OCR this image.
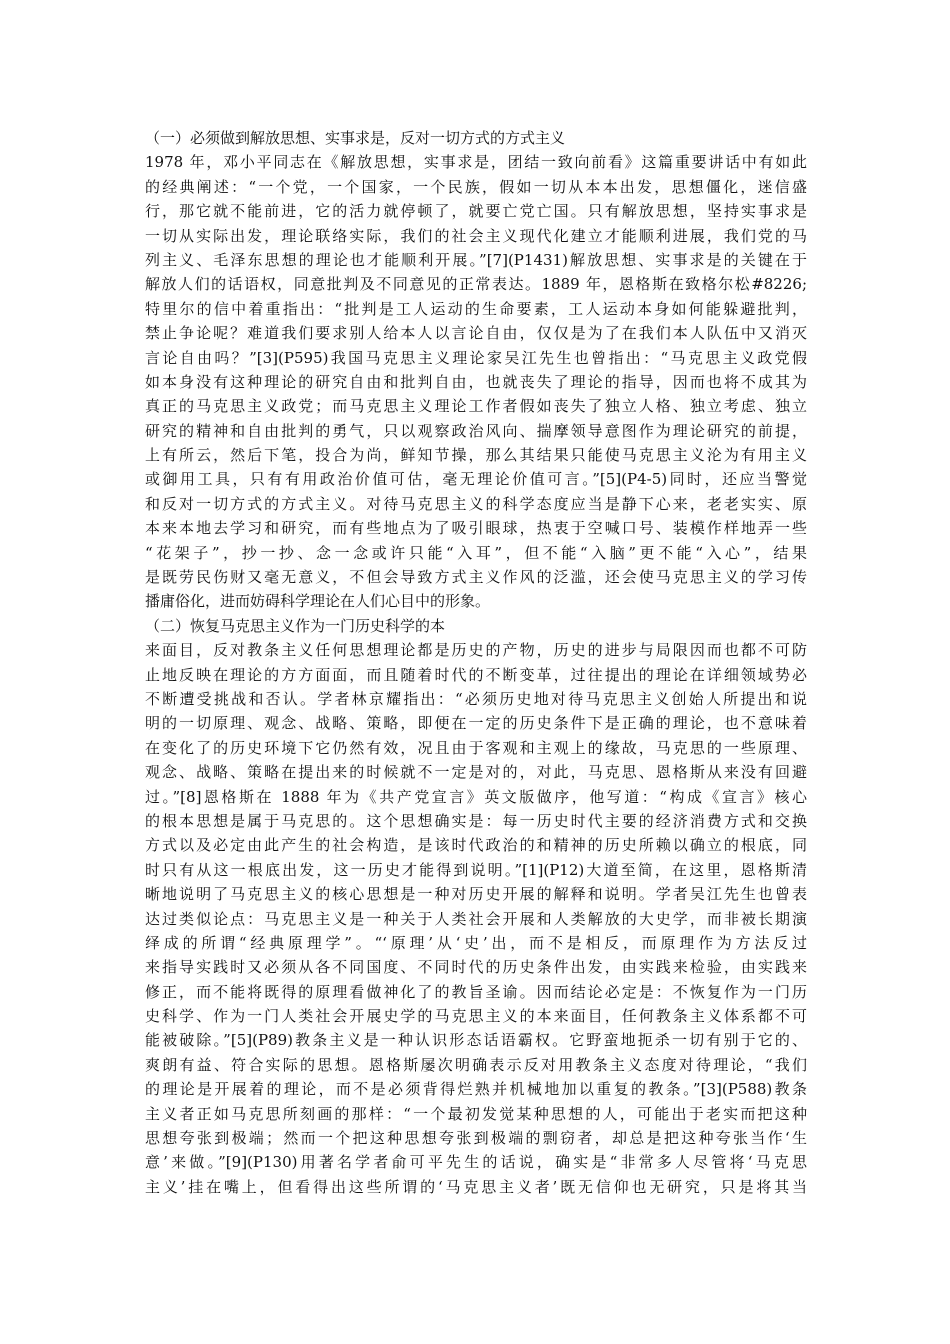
（一）必须做到解放思想、实事求是，反对一切方式的方式主义
1978 年，邓小平同志在《解放思想，实事求是，团结一致向前看》这篇重要讲话中有如此
的经典阐述：“一个党，一个国家，一个民族，假如一切从本本出发，思想僵化，迷信盛
行，那它就不能前进，它的活力就停顿了，就要亡党亡国。只有解放思想，坚持实事求是
一切从实际出发，理论联络实际，我们的社会主义现代化建立才能顺利进展，我们党的马
列主义、毛泽东思想的理论也才能顺利开展。”[7](P1431)解放思想、实事求是的关键在于
解放人们的话语权，同意批判及不同意见的正常表达。1889 年，恩格斯在致格尔松#8226;
特里尔的信中着重指出：“批判是工人运动的生命要素，工人运动本身如何能躲避批判，
禁止争论呢？难道我们要求别人给本人以言论自由，仅仅是为了在我们本人队伍中又消灭
言论自由吗？”[3](P595)我国马克思主义理论家吴江先生也曾指出：“马克思主义政党假
如本身没有这种理论的研究自由和批判自由，也就丧失了理论的指导，因而也将不成其为
真正的马克思主义政党；而马克思主义理论工作者假如丧失了独立人格、独立考虑、独立
研究的精神和自由批判的勇气，只以观察政治风向、揣摩领导意图作为理论研究的前提，
上有所云，然后下笔，投合为尚，鲜知节操，那么其结果只能使马克思主义沦为有用主义
或御用工具，只有有用政治价值可估，毫无理论价值可言。”[5](P4-5)同时，还应当警觉
和反对一切方式的方式主义。对待马克思主义的科学态度应当是静下心来，老老实实、原
本来本地去学习和研究，而有些地点为了吸引眼球，热衷于空喊口号、装模作样地弄一些
“花架子”，抄一抄、念一念或许只能“入耳”，但不能“入脑”更不能“入心”，结果
是既劳民伤财又毫无意义，不但会导致方式主义作风的泛滥，还会使马克思主义的学习传
播庸俗化，进而妨碍科学理论在人们心目中的形象。
（二）恢复马克思主义作为一门历史科学的本
来面目，反对教条主义任何思想理论都是历史的产物，历史的进步与局限因而也都不可防
止地反映在理论的方方面面，而且随着时代的不断变革，过往提出的理论在详细领域势必
不断遭受挑战和否认。学者林京耀指出：“必须历史地对待马克思主义创始人所提出和说
明的一切原理、观念、战略、策略，即便在一定的历史条件下是正确的理论，也不意味着
在变化了的历史环境下它仍然有效，况且由于客观和主观上的缘故，马克思的一些原理、
观念、战略、策略在提出来的时候就不一定是对的，对此，马克思、恩格斯从来没有回避
过。”[8]恩格斯在 1888 年为《共产党宣言》英文版做序，他写道：“构成《宣言》核心
的根本思想是属于马克思的。这个思想确实是：每一历史时代主要的经济消费方式和交换
方式以及必定由此产生的社会构造，是该时代政治的和精神的历史所赖以确立的根底，同
时只有从这一根底出发，这一历史才能得到说明。”[1](P12)大道至简，在这里，恩格斯清
晰地说明了马克思主义的核心思想是一种对历史开展的解释和说明。学者吴江先生也曾表
达过类似论点：马克思主义是一种关于人类社会开展和人类解放的大史学，而非被长期演
绎成的所谓“经典原理学”。“‘原理’从‘史’出，而不是相反，而原理作为方法反过
来指导实践时又必须从各不同国度、不同时代的历史条件出发，由实践来检验，由实践来
修正，而不能将既得的原理看做神化了的教旨圣谕。因而结论必定是：不恢复作为一门历
史科学、作为一门人类社会开展史学的马克思主义的本来面目，任何教条主义体系都不可
能被破除。”[5](P89)教条主义是一种认识形态话语霸权。它野蛮地扼杀一切有别于它的、
爽朗有益、符合实际的思想。恩格斯屡次明确表示反对用教条主义态度对待理论，“我们
的理论是开展着的理论，而不是必须背得烂熟并机械地加以重复的教条。”[3](P588)教条
主义者正如马克思所刻画的那样：“一个最初发觉某种思想的人，可能出于老实而把这种
思想夸张到极端；然而一个把这种思想夸张到极端的剽窃者，却总是把这种夸张当作‘生
意’来做。”[9](P130)用著名学者俞可平先生的话说，确实是“非常多人尽管将‘马克思
主义’挂在嘴上，但看得出这些所谓的‘马克思主义者’既无信仰也无研究，只是将其当
